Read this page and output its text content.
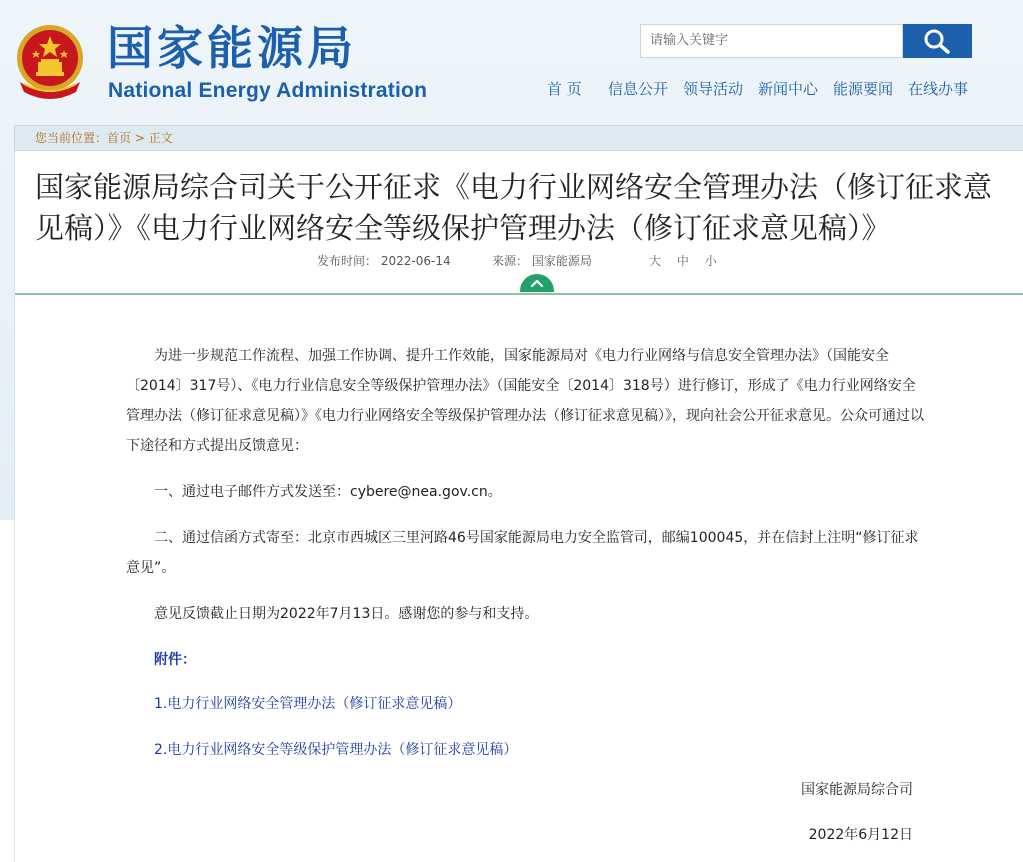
国家能源局
National Energy Administration
请输入关键字
首 页 信息公开 领导活动 新闻中心 能源要闻 在线办事
您当前位置：首页 > 正文
国家能源局综合司关于公开征求《电力行业网络安全管理办法（修订征求意见稿）》《电力行业网络安全等级保护管理办法（修订征求意见稿）》
发布时间： 2022-06-14	来源： 国家能源局	大 中 小

为进一步规范工作流程、加强工作协调、提升工作效能，国家能源局对《电力行业网络与信息安全管理办法》（国能安全〔2014〕317号）、《电力行业信息安全等级保护管理办法》（国能安全〔2014〕318号）进行修订，形成了《电力行业网络安全管理办法（修订征求意见稿）》《电力行业网络安全等级保护管理办法（修订征求意见稿）》，现向社会公开征求意见。公众可通过以下途径和方式提出反馈意见：

一、通过电子邮件方式发送至：cybere@nea.gov.cn。

二、通过信函方式寄至：北京市西城区三里河路46号国家能源局电力安全监管司，邮编100045，并在信封上注明“修订征求意见”。

意见反馈截止日期为2022年7月13日。感谢您的参与和支持。

附件：

1.电力行业网络安全管理办法（修订征求意见稿）
2.电力行业网络安全等级保护管理办法（修订征求意见稿）
国家能源局综合司
2022年6月12日
